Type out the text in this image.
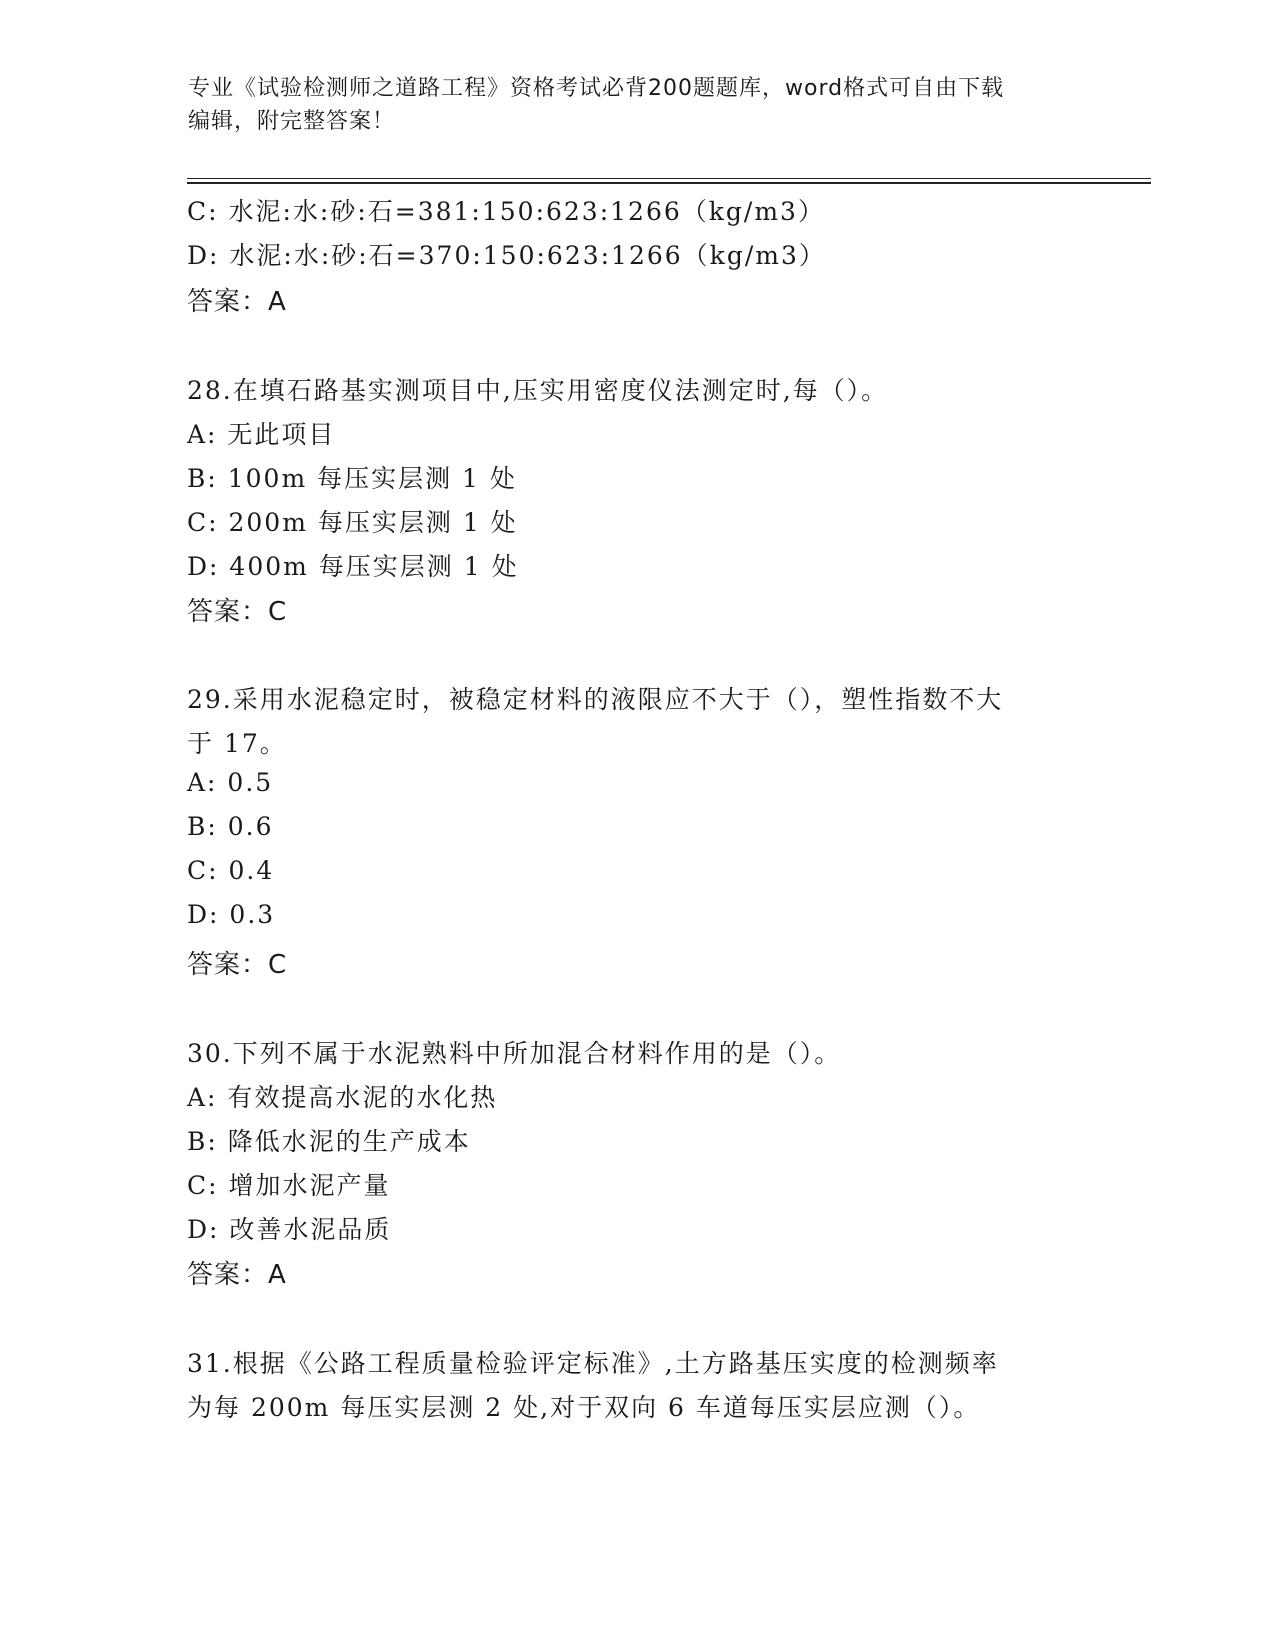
专业《试验检测师之道路工程》资格考试必背200题题库，word格式可自由下载
编辑，附完整答案！
C: 水泥:水:砂:石=381:150:623:1266（kg/m3）
D: 水泥:水:砂:石=370:150:623:1266（kg/m3）
答案：A
28.在填石路基实测项目中,压实用密度仪法测定时,每（）。
A: 无此项目
B: 100m 每压实层测 1 处
C: 200m 每压实层测 1 处
D: 400m 每压实层测 1 处
答案：C
29.采用水泥稳定时，被稳定材料的液限应不大于（），塑性指数不大
于 17。
A: 0.5
B: 0.6
C: 0.4
D: 0.3
答案：C
30.下列不属于水泥熟料中所加混合材料作用的是（）。
A: 有效提高水泥的水化热
B: 降低水泥的生产成本
C: 增加水泥产量
D: 改善水泥品质
答案：A
31.根据《公路工程质量检验评定标准》,土方路基压实度的检测频率
为每 200m 每压实层测 2 处,对于双向 6 车道每压实层应测（）。
